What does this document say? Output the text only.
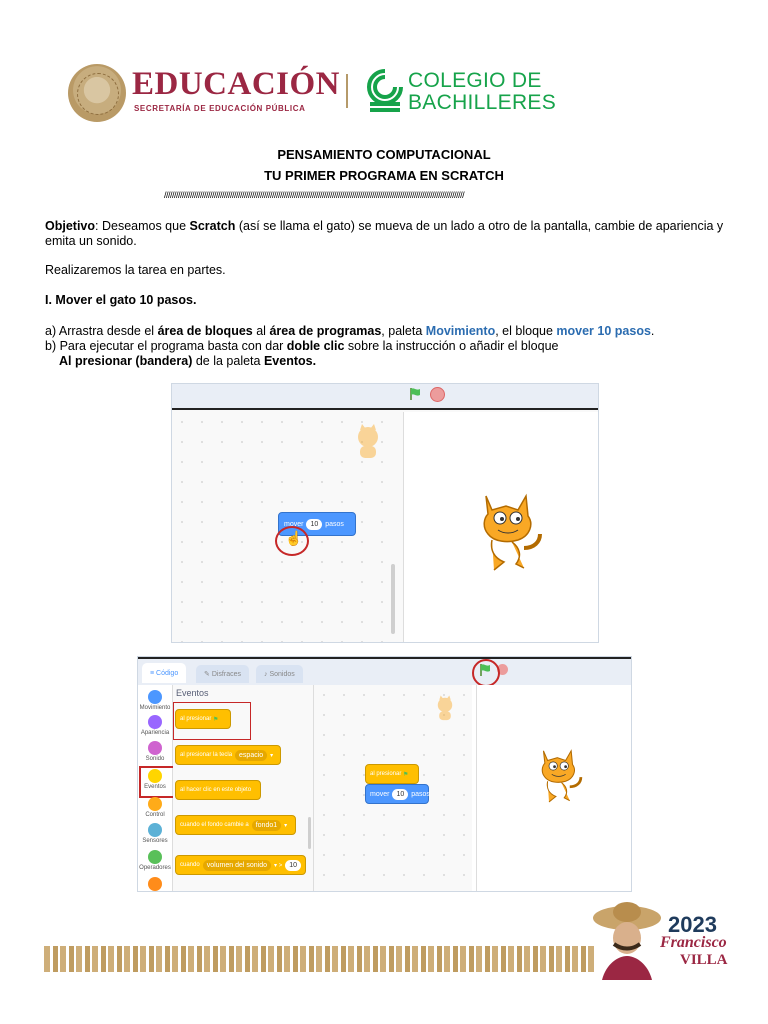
EDUCACIÓN
SECRETARÍA DE EDUCACIÓN PÚBLICA
COLEGIO DE
BACHILLERES
PENSAMIENTO COMPUTACIONAL
TU PRIMER PROGRAMA EN SCRATCH
//////////////////////////////////////////////////////////////////////////////////////////////////////////////////////////////////////////////////////
Objetivo: Deseamos que Scratch (así se llama el gato) se mueva de un lado a otro de la pantalla, cambie de apariencia y emita un sonido.
Realizaremos la tarea en partes.
I. Mover el gato 10 pasos.
a) Arrastra desde el área de bloques al área de programas, paleta Movimiento, el bloque mover 10 pasos.
b) Para ejecutar el programa basta con dar doble clic sobre la instrucción o añadir el bloque
Al presionar (bandera) de la paleta Eventos.
mover	10	pasos
☝
≡ Código	✎ Disfraces	♪ Sonidos
Movimiento
Apariencia
Sonido
Eventos
Control
Sensores
Operadores
Eventos
al presionar ⚑
al presionar la tecla	espacio	▾
al hacer clic en este objeto
cuando el fondo cambie a	fondo1	▾
cuando	volumen del sonido	▾ >	10
al presionar ⚑
mover	10	pasos
2023
Francisco
VILLA
